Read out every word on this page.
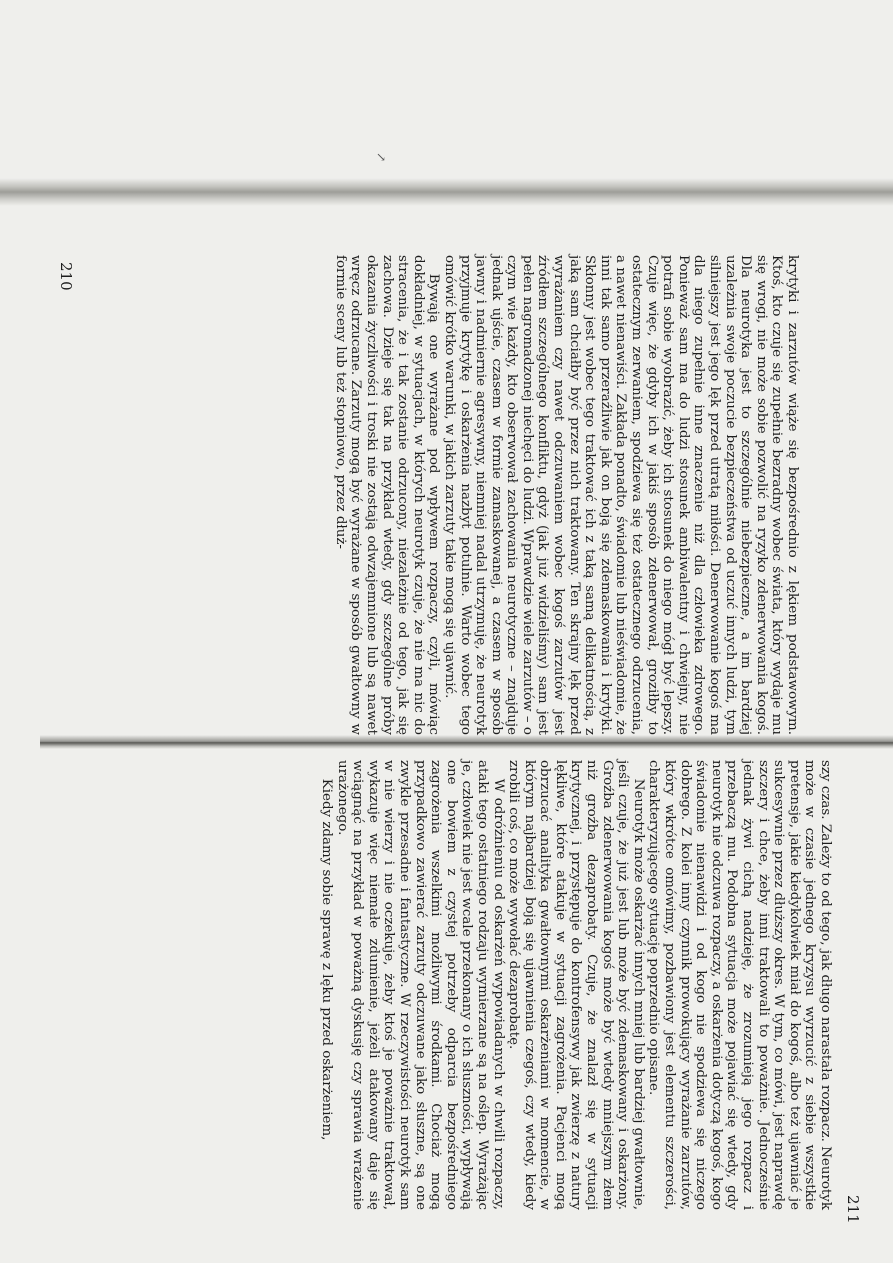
↘

krytyki i zarzutów wiąże się bezpośrednio z lękiem podstawowym. Ktoś, kto czuje się zupełnie bezradny wobec świata, który wydaje mu się wrogi, nie może sobie pozwolić na ryzyko zdenerwowania kogoś. Dla neurotyka jest to szczególnie niebezpieczne, a im bardziej uzależnia swoje poczucie bezpieczeństwa od uczuć innych ludzi, tym silniejszy jest jego lęk przed utratą miłości. Denerwowanie kogoś ma dla niego zupełnie inne znaczenie niż dla człowieka zdrowego. Ponieważ sam ma do ludzi stosunek ambiwalentny i chwiejny, nie potrafi sobie wyobrazić, żeby ich stosunek do niego mógł być lepszy. Czuje więc, że gdyby ich w jakiś sposób zdenerwował, groziłby to ostatecznym zerwaniem, spodziewa się też ostatecznego odrzucenia, a nawet nienawiści. Zakłada ponadto, świadomie lub nieświadomie, że inni tak samo przeraźliwie jak on boją się zdemaskowania i krytyki. Skłonny jest wobec tego traktować ich z taką samą delikatnością, z jaką sam chciałby być przez nich traktowany. Ten skrajny lęk przed wyrażaniem czy nawet odczuwaniem wobec kogoś zarzutów jest źródłem szczególnego konfliktu, gdyż (jak już widzieliśmy) sam jest pełen nagromadzonej niechęci do ludzi. Wprawdzie wiele zarzutów – o czym wie każdy, kto obserwował zachowania neurotyczne – znajduje jednak ujście, czasem w formie zamaskowanej, a czasem w sposób jawny i nadmiernie agresywny, niemniej nadal utrzymuję, że neurotyk przyjmuje krytykę i oskarżenia nazbyt potulnie. Warto wobec tego omówić krótko warunki, w jakich zarzuty takie mogą się ujawnić.

Bywają one wyrażane pod wpływem rozpaczy, czyli, mówiąc dokładniej, w sytuacjach, w których neurotyk czuje, że nie ma nic do stracenia, że i tak zostanie odrzucony, niezależnie od tego, jak się zachowa. Dzieje się tak na przykład wtedy, gdy szczególne próby okazania życzliwości i troski nie zostają odwzajemnione lub są nawet wręcz odrzucane. Zarzuty mogą być wyrażane w sposób gwałtowny w formie sceny lub też stopniowo, przez dłuż-

szy czas. Zależy to od tego, jak długo narastała rozpacz. Neurotyk może w czasie jednego kryzysu wyrzucić z siebie wszystkie pretensje, jakie kiedykolwiek miał do kogoś, albo też ujawniać je sukcesywnie przez dłuższy okres. W tym, co mówi, jest naprawdę szczery i chce, żeby inni traktowali to poważnie. Jednocześnie jednak żywi cichą nadzieję, że zrozumieją jego rozpacz i przebaczą mu. Podobna sytuacja może pojawiać się wtedy, gdy neurotyk nie odczuwa rozpaczy, a oskarżenia dotyczą kogoś, kogo świadomie nienawidzi i od kogo nie spodziewa się niczego dobrego. Z kolei inny czynnik prowokujący wyrażanie zarzutów, który wkrótce omówimy, pozbawiony jest elementu szczerości, charakteryzującego sytuację poprzednio opisane.

Neurotyk może oskarżać innych mniej lub bardziej gwałtownie, jeśli czuje, że już jest lub może być zdemaskowany i oskarżony. Groźba zdenerwowania kogoś może być wtedy mniejszym złem niż groźba dezaprobaty. Czuje, że znalazł się w sytuacji krytycznej, i przystępuje do kontrofensywy jak zwierzę z natury lękliwe, które atakuje w sytuacji zagrożenia. Pacjenci mogą obrzucać analityka gwałtownymi oskarżeniami w momencie, w którym najbardziej boją się ujawnienia czegoś, czy wtedy, kiedy zrobili coś, co może wywołać dezaprobatę.

W odróżnieniu od oskarżeń wypowiadanych w chwili rozpaczy, ataki tego ostatniego rodzaju wymierzane są na oślep. Wyrażając je, człowiek nie jest wcale przekonany o ich słuszności, wypływają one bowiem z czystej potrzeby odparcia bezpośredniego zagrożenia wszelkimi możliwymi środkami. Chociaż mogą przypadkowo zawierać zarzuty odczuwane jako słuszne, są one zwykle przesadne i fantastyczne. W rzeczywistości neurotyk sam w nie wierzy i nie oczekuje, żeby ktoś je poważnie traktował, wykazuje więc niemałe zdumienie, jeżeli atakowany daje się wciągnąć na przykład w poważną dyskusję czy sprawia wrażenie urażonego.

Kiedy zdamy sobie sprawę z lęku przed oskarżeniem,

210
211
